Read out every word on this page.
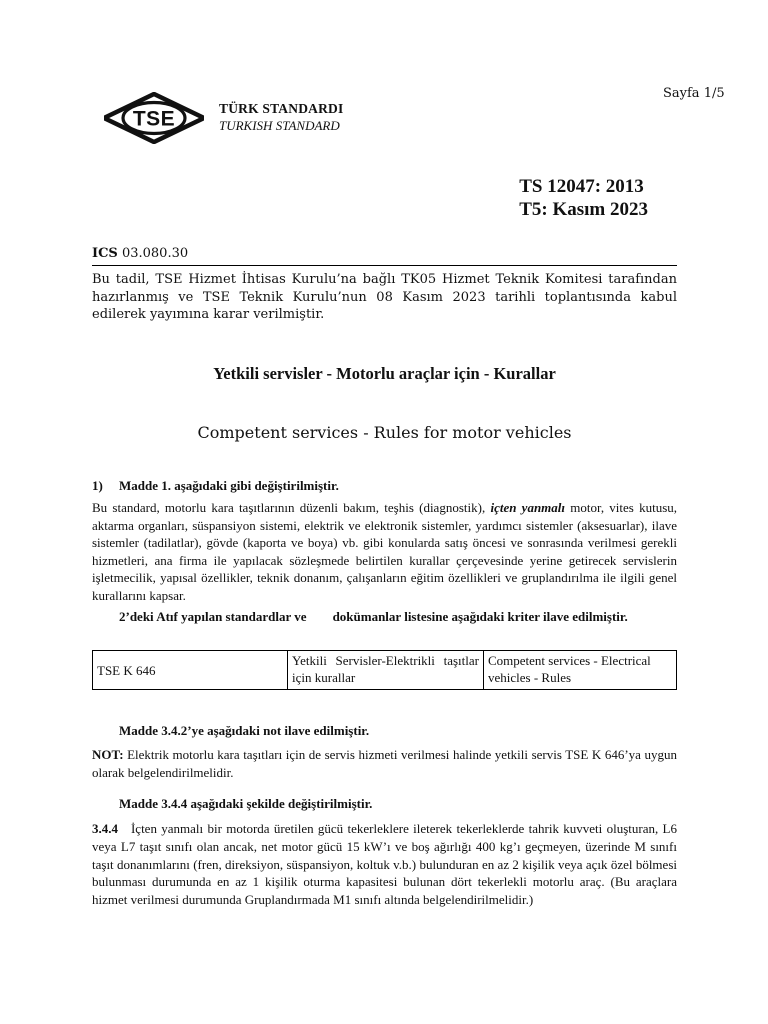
Sayfa 1/5
TSE	TÜRK STANDARDI
TURKISH STANDARD
TS 12047: 2013
T5: Kasım 2023
ICS 03.080.30
Bu tadil, TSE Hizmet İhtisas Kurulu’na bağlı TK05 Hizmet Teknik Komitesi tarafından hazırlanmış ve TSE Teknik Kurulu’nun 08 Kasım 2023 tarihli toplantısında kabul edilerek yayımına karar verilmiştir.
Yetkili servisler - Motorlu araçlar için - Kurallar
Competent services - Rules for motor vehicles
1) Madde 1. aşağıdaki gibi değiştirilmiştir.
Bu standard, motorlu kara taşıtlarının düzenli bakım, teşhis (diagnostik), içten yanmalı motor, vites kutusu, aktarma organları, süspansiyon sistemi, elektrik ve elektronik sistemler, yardımcı sistemler (aksesuarlar), ilave sistemler (tadilatlar), gövde (kaporta ve boya) vb. gibi konularda satış öncesi ve sonrasında verilmesi gerekli hizmetleri, ana firma ile yapılacak sözleşmede belirtilen kurallar çerçevesinde yerine getirecek servislerin işletmecilik, yapısal özellikler, teknik donanım, çalışanların eğitim özellikleri ve gruplandırılma ile ilgili genel kurallarını kapsar.
2’deki Atıf yapılan standardlar ve dokümanlar listesine aşağıdaki kriter ilave edilmiştir.
TSE K 646	Yetkili Servisler-Elektrikli taşıtlar için kurallar	Competent services - Electrical vehicles - Rules
Madde 3.4.2’ye aşağıdaki not ilave edilmiştir.
NOT: Elektrik motorlu kara taşıtları için de servis hizmeti verilmesi halinde yetkili servis TSE K 646’ya uygun olarak belgelendirilmelidir.
Madde 3.4.4 aşağıdaki şekilde değiştirilmiştir.
3.4.4 İçten yanmalı bir motorda üretilen gücü tekerleklere ileterek tekerleklerde tahrik kuvveti oluşturan, L6 veya L7 taşıt sınıfı olan ancak, net motor gücü 15 kW’ı ve boş ağırlığı 400 kg’ı geçmeyen, üzerinde M sınıfı taşıt donanımlarını (fren, direksiyon, süspansiyon, koltuk v.b.) bulunduran en az 2 kişilik veya açık özel bölmesi bulunması durumunda en az 1 kişilik oturma kapasitesi bulunan dört tekerlekli motorlu araç. (Bu araçlara hizmet verilmesi durumunda Gruplandırmada M1 sınıfı altında belgelendirilmelidir.)
